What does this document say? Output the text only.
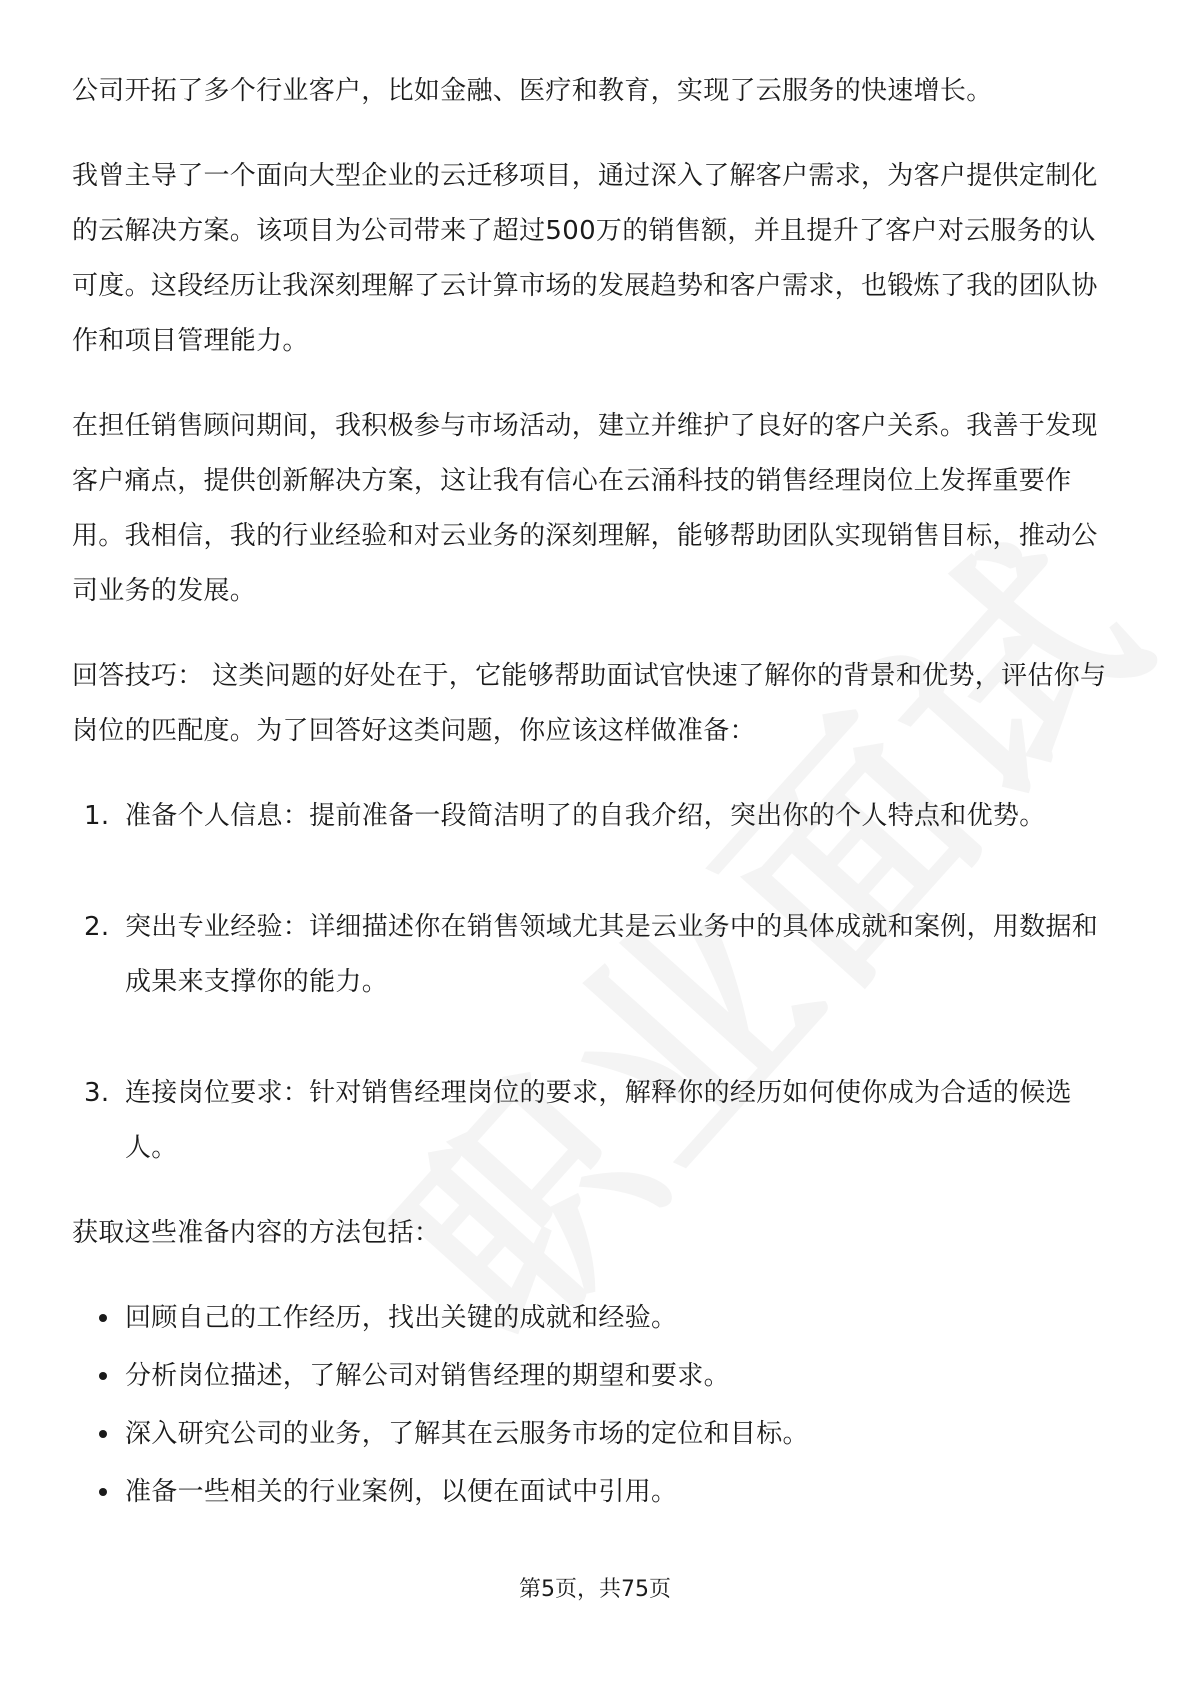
公司开拓了多个行业客户，比如金融、医疗和教育，实现了云服务的快速增长。

我曾主导了一个面向大型企业的云迁移项目，通过深入了解客户需求，为客户提供定制化的云解决方案。该项目为公司带来了超过500万的销售额，并且提升了客户对云服务的认可度。这段经历让我深刻理解了云计算市场的发展趋势和客户需求，也锻炼了我的团队协作和项目管理能力。

在担任销售顾问期间，我积极参与市场活动，建立并维护了良好的客户关系。我善于发现客户痛点，提供创新解决方案，这让我有信心在云涌科技的销售经理岗位上发挥重要作用。我相信，我的行业经验和对云业务的深刻理解，能够帮助团队实现销售目标，推动公司业务的发展。

回答技巧： 这类问题的好处在于，它能够帮助面试官快速了解你的背景和优势，评估你与岗位的匹配度。为了回答好这类问题，你应该这样做准备：

1. 准备个人信息：提前准备一段简洁明了的自我介绍，突出你的个人特点和优势。
2. 突出专业经验：详细描述你在销售领域尤其是云业务中的具体成就和案例，用数据和成果来支撑你的能力。
3. 连接岗位要求：针对销售经理岗位的要求，解释你的经历如何使你成为合适的候选人。

获取这些准备内容的方法包括：

回顾自己的工作经历，找出关键的成就和经验。
分析岗位描述，了解公司对销售经理的期望和要求。
深入研究公司的业务，了解其在云服务市场的定位和目标。
准备一些相关的行业案例，以便在面试中引用。
第5页，共75页
